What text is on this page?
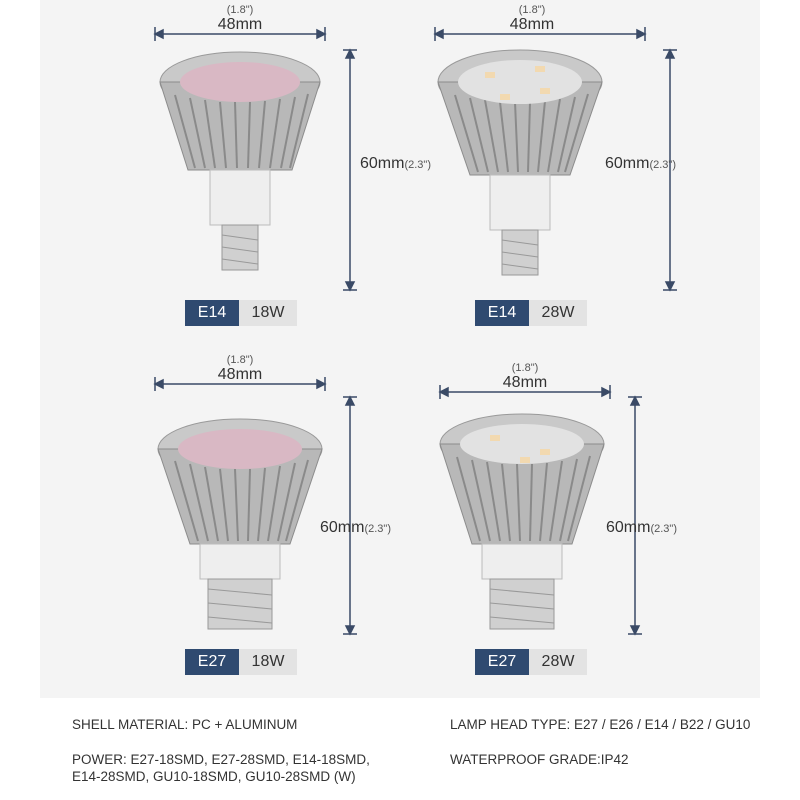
(1.8")
48mm
60mm(2.3")
E14	18W
(1.8")
48mm
60mm(2.3")
E14	28W
(1.8")
48mm
60mm(2.3")
E27	18W
(1.8")
48mm
60mm(2.3")
E27	28W
SHELL MATERIAL: PC + ALUMINUM	LAMP HEAD TYPE: E27 / E26 / E14 / B22 / GU10
POWER: E27-18SMD, E27-28SMD, E14-18SMD,
E14-28SMD, GU10-18SMD, GU10-28SMD (W)
WATERPROOF GRADE:IP42
